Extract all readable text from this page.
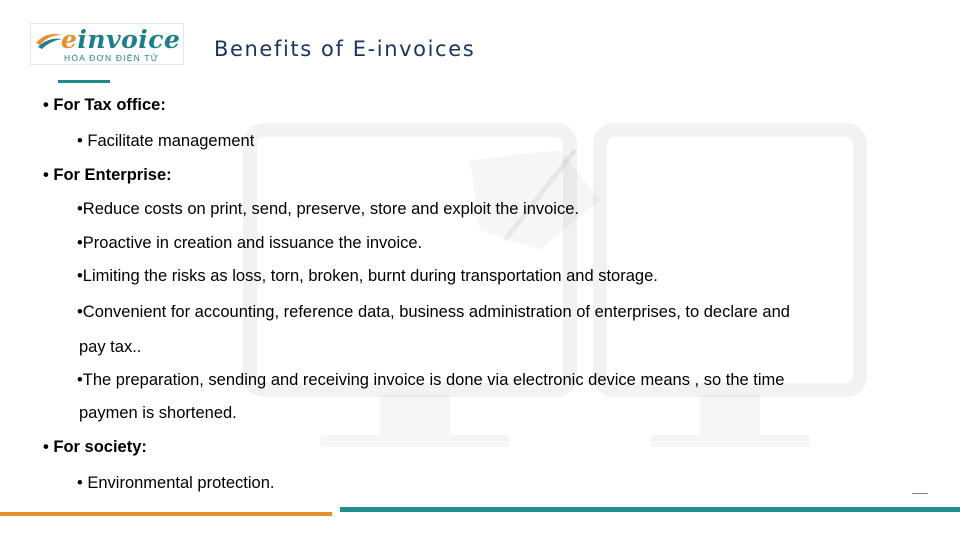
einvoice
HÓA ĐƠN ĐIỆN TỬ	Benefits of E-invoices
• For Tax office:
• Facilitate management
• For Enterprise:
•Reduce costs on print, send, preserve, store and exploit the invoice.
•Proactive in creation and issuance the invoice.
•Limiting the risks as loss, torn, broken, burnt during transportation and storage.
•Convenient for accounting, reference data, business administration of enterprises, to declare and
pay tax..
•The preparation, sending and receiving invoice is done via electronic device means , so the time
paymen is shortened.
• For society:
• Environmental protection.
